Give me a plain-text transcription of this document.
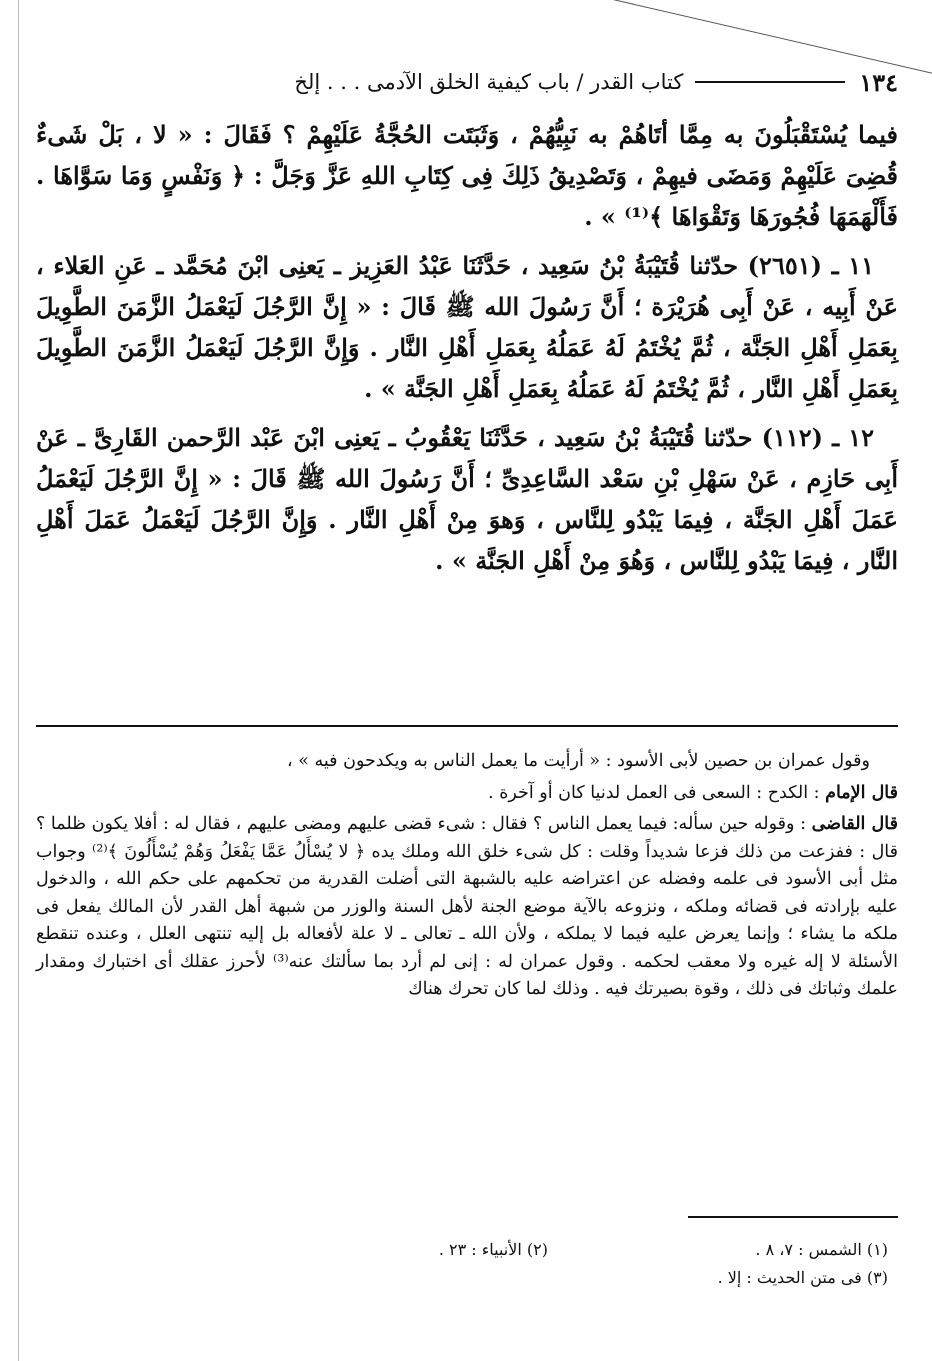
١٣٤
كتاب القدر / باب كيفية الخلق الآدمى . . . إلخ

فيما يُسْتَقْبَلُونَ به مِمَّا أتَاهُمْ به نَبِيُّهُمْ ، وَثَبَتَت الحُجَّةُ عَلَيْهِمْ ؟ فَقَالَ : « لا ، بَلْ شَىءٌ قُضِىَ عَلَيْهِمْ وَمَضَى فيهِمْ ، وَتَصْدِيقُ ذَلِكَ فِى كِتَابِ اللهِ عَزَّ وَجَلَّ : ﴿ وَنَفْسٍ وَمَا سَوَّاهَا . فَأَلْهَمَهَا فُجُورَهَا وَتَقْوَاهَا ﴾⁽¹⁾ » .

١١ ـ (٢٦٥١) حدّثنا قُتَيْبَةُ بْنُ سَعِيد ، حَدَّثَنَا عَبْدُ العَزِيز ـ يَعنِى ابْنَ مُحَمَّد ـ عَنِ العَلاء ، عَنْ أَبِيه ، عَنْ أَبِى هُرَيْرَة ؛ أَنَّ رَسُولَ الله ﷺ قَالَ : « إِنَّ الرَّجُلَ لَيَعْمَلُ الزَّمَنَ الطَّوِيلَ بِعَمَلِ أَهْلِ الجَنَّة ، ثُمَّ يُخْتَمُ لَهُ عَمَلُهُ بِعَمَلِ أَهْلِ النَّار . وَإِنَّ الرَّجُلَ لَيَعْمَلُ الزَّمَنَ الطَّوِيلَ بِعَمَلِ أَهْلِ النَّار ، ثُمَّ يُخْتَمُ لَهُ عَمَلُهُ بِعَمَلِ أَهْلِ الجَنَّة » .

١٢ ـ (١١٢) حدّثنا قُتَيْبَةُ بْنُ سَعِيد ، حَدَّثَنَا يَعْقُوبُ ـ يَعنِى ابْنَ عَبْد الرَّحمن القَارِىَّ ـ عَنْ أَبِى حَازِم ، عَنْ سَهْلِ بْنِ سَعْد السَّاعِدِىِّ ؛ أَنَّ رَسُولَ الله ﷺ قَالَ : « إِنَّ الرَّجُلَ لَيَعْمَلُ عَمَلَ أَهْلِ الجَنَّة ، فِيمَا يَبْدُو لِلنَّاس ، وَهوَ مِنْ أَهْلِ النَّار . وَإِنَّ الرَّجُلَ لَيَعْمَلُ عَمَلَ أَهْلِ النَّار ، فِيمَا يَبْدُو لِلنَّاس ، وَهُوَ مِنْ أَهْلِ الجَنَّة » .

وقول عمران بن حصين لأبى الأسود : « أرأيت ما يعمل الناس به ويكدحون فيه » ،

قال الإمام : الكدح : السعى فى العمل لدنيا كان أو آخرة .

قال القاضى : وقوله حين سأله: فيما يعمل الناس ؟ فقال : شىء قضى عليهم ومضى عليهم ، فقال له : أفلا يكون ظلما ؟ قال : ففزعت من ذلك فزعا شديداً وقلت : كل شىء خلق الله وملك يده ﴿ لا يُسْأَلُ عَمَّا يَفْعَلُ وَهُمْ يُسْأَلُونَ ﴾⁽²⁾ وجواب مثل أبى الأسود فى علمه وفضله عن اعتراضه عليه بالشبهة التى أضلت القدرية من تحكمهم على حكم الله ، والدخول عليه بإرادته فى قضائه وملكه ، ونزوعه بالآية موضع الجنة لأهل السنة والوزر من شبهة أهل القدر لأن المالك يفعل فى ملكه ما يشاء ؛ وإنما يعرض عليه فيما لا يملكه ، ولأن الله ـ تعالى ـ لا علة لأفعاله بل إليه تنتهى العلل ، وعنده تنقطع الأسئلة لا إله غيره ولا معقب لحكمه . وقول عمران له : إنى لم أرد بما سألتك عنه⁽³⁾ لأحرز عقلك أى اختبارك ومقدار علمك وثباتك فى ذلك ، وقوة بصيرتك فيه . وذلك لما كان تحرك هناك

(١) الشمس : ٧، ٨ .
(٢) الأنبياء : ٢٣ .
(٣) فى متن الحديث : إلا .
